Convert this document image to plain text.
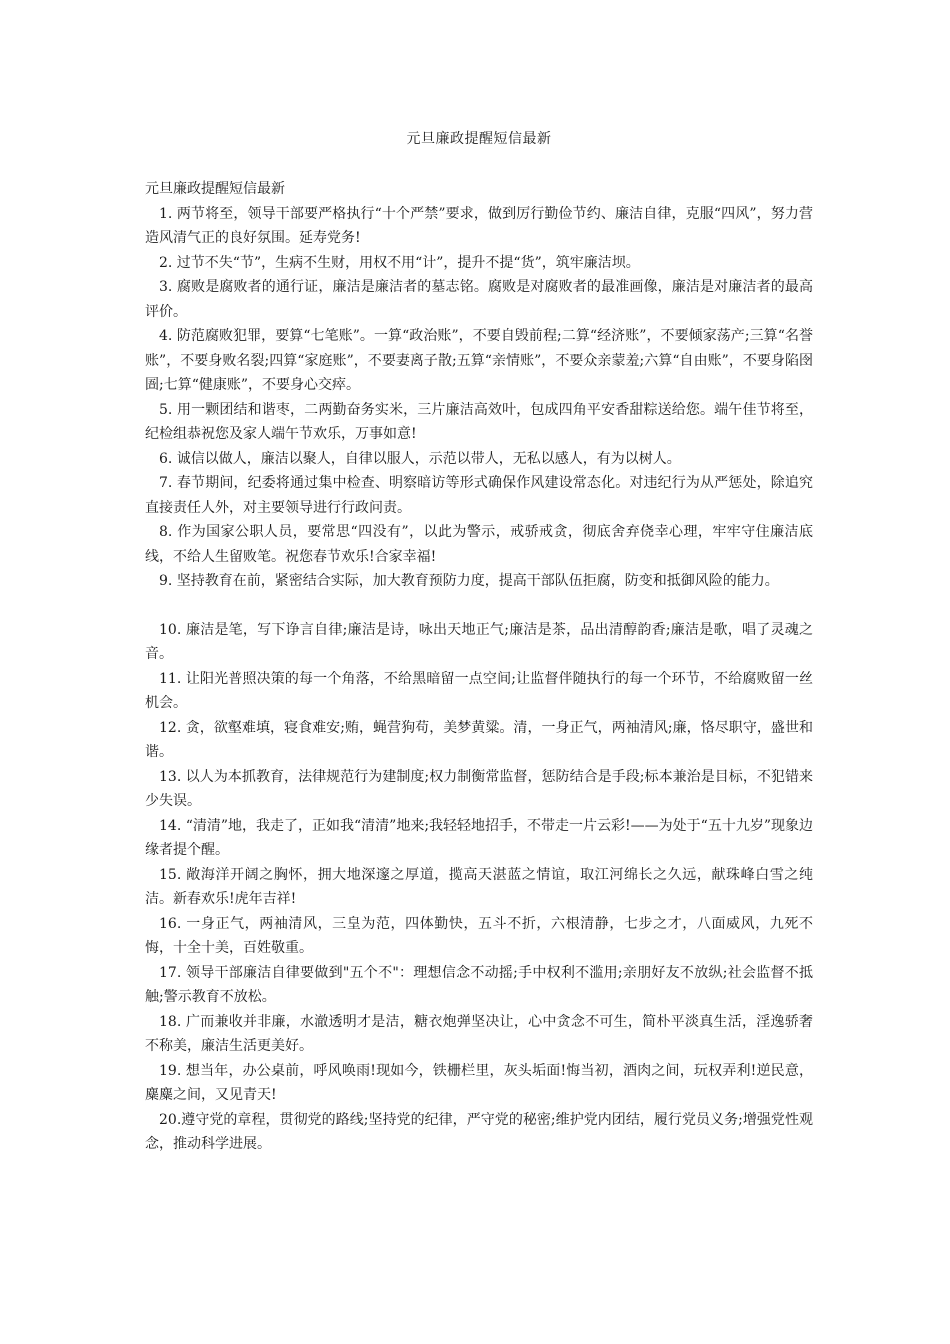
元旦廉政提醒短信最新

元旦廉政提醒短信最新

1. 两节将至，领导干部要严格执行“十个严禁”要求，做到厉行勤俭节约、廉洁自律，克服“四风”，努力营造风清气正的良好氛围。延寿党务!

2. 过节不失“节”，生病不生财，用权不用“计”，提升不提“货”，筑牢廉洁坝。

3. 腐败是腐败者的通行证，廉洁是廉洁者的墓志铭。腐败是对腐败者的最准画像，廉洁是对廉洁者的最高评价。

4. 防范腐败犯罪，要算“七笔账”。一算“政治账”，不要自毁前程;二算“经济账”，不要倾家荡产;三算“名誉账”，不要身败名裂;四算“家庭账”，不要妻离子散;五算“亲情账”，不要众亲蒙羞;六算“自由账”，不要身陷囹圄;七算“健康账”，不要身心交瘁。

5. 用一颗团结和谐枣，二两勤奋务实米，三片廉洁高效叶，包成四角平安香甜粽送给您。端午佳节将至，纪检组恭祝您及家人端午节欢乐，万事如意!

6. 诚信以做人，廉洁以聚人，自律以服人，示范以带人，无私以感人，有为以树人。

7. 春节期间，纪委将通过集中检查、明察暗访等形式确保作风建设常态化。对违纪行为从严惩处，除追究直接责任人外，对主要领导进行行政问责。

8. 作为国家公职人员，要常思“四没有”，以此为警示，戒骄戒贪，彻底舍弃侥幸心理，牢牢守住廉洁底线，不给人生留败笔。祝您春节欢乐!合家幸福!

9. 坚持教育在前，紧密结合实际，加大教育预防力度，提高干部队伍拒腐，防变和抵御风险的能力。

10. 廉洁是笔，写下诤言自律;廉洁是诗，咏出天地正气;廉洁是茶，品出清醇韵香;廉洁是歌，唱了灵魂之音。

11. 让阳光普照决策的每一个角落，不给黑暗留一点空间;让监督伴随执行的每一个环节，不给腐败留一丝机会。

12. 贪，欲壑难填，寝食难安;贿，蝇营狗苟，美梦黄粱。清，一身正气，两袖清风;廉，恪尽职守，盛世和谐。

13. 以人为本抓教育，法律规范行为建制度;权力制衡常监督，惩防结合是手段;标本兼治是目标，不犯错来少失误。

14. “清清”地，我走了，正如我“清清”地来;我轻轻地招手，不带走一片云彩!——为处于“五十九岁”现象边缘者提个醒。

15. 敞海洋开阔之胸怀，拥大地深邃之厚道，揽高天湛蓝之情谊，取江河绵长之久远，献珠峰白雪之纯洁。新春欢乐!虎年吉祥!

16. 一身正气，两袖清风，三皇为范，四体勤快，五斗不折，六根清静，七步之才，八面威风，九死不悔，十全十美，百姓敬重。

17. 领导干部廉洁自律要做到"五个不"：理想信念不动摇;手中权利不滥用;亲朋好友不放纵;社会监督不抵触;警示教育不放松。

18. 广而兼收并非廉，水澈透明才是洁，糖衣炮弹坚决让，心中贪念不可生，简朴平淡真生活，淫逸骄奢不称美，廉洁生活更美好。

19. 想当年，办公桌前，呼风唤雨!现如今，铁栅栏里，灰头垢面!悔当初，酒肉之间，玩权弄利!逆民意，麋麋之间，又见青天!

20.遵守党的章程，贯彻党的路线;坚持党的纪律，严守党的秘密;维护党内团结，履行党员义务;增强党性观念，推动科学进展。
